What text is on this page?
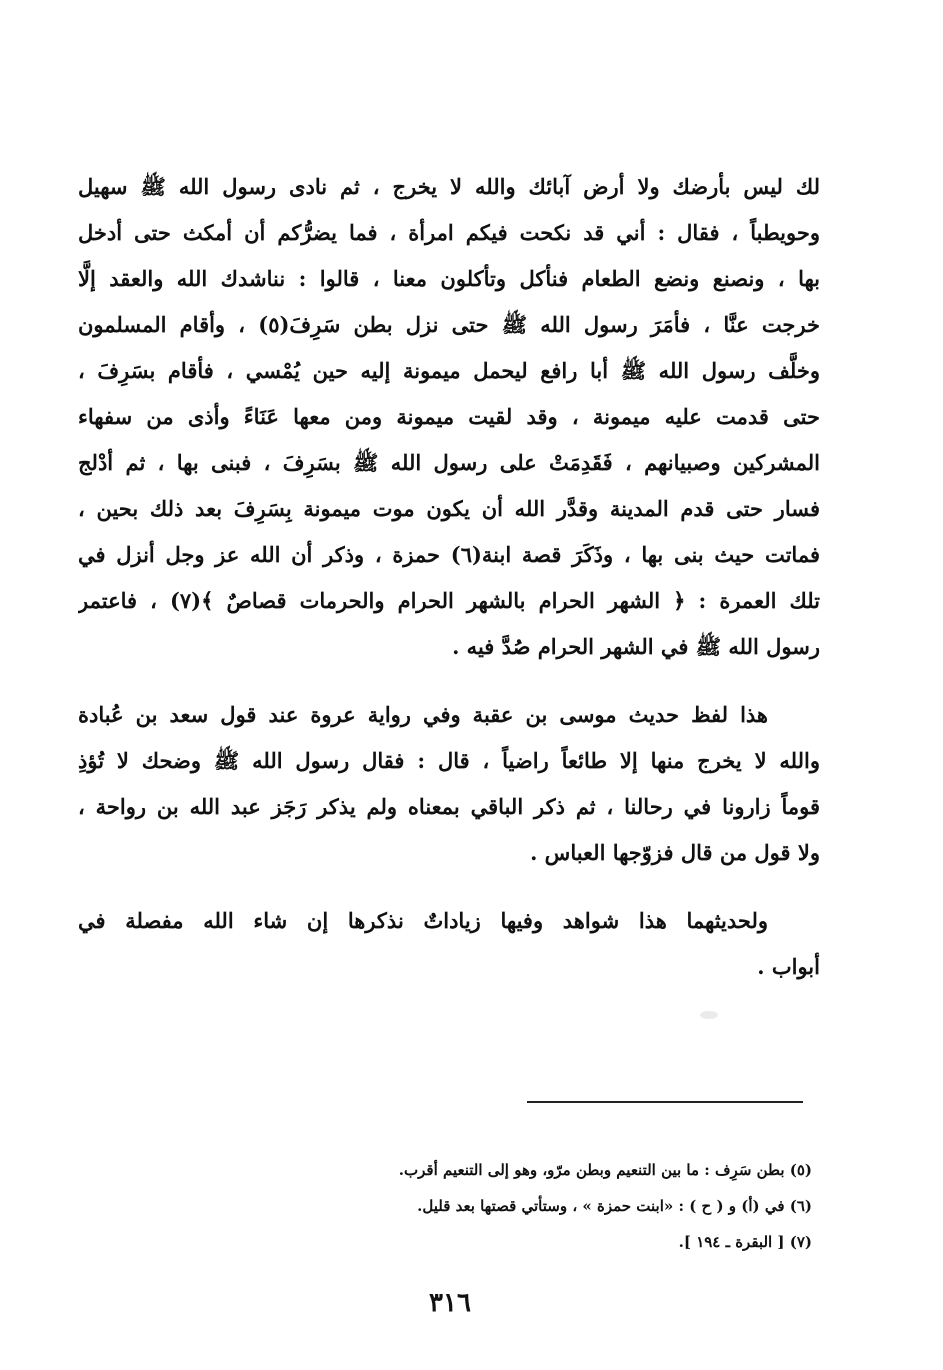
لك ليس بأرضك ولا أرض آبائك والله لا يخرج ، ثم نادى رسول الله ﷺ سهيل
وحويطباً ، فقال : أني قد نكحت فيكم امرأة ، فما يضرُّكم أن أمكث حتى أدخل
بها ، ونصنع ونضع الطعام فنأكل وتأكلون معنا ، قالوا : نناشدك الله والعقد إلَّا
خرجت عنَّا ، فأمَرَ رسول الله ﷺ حتى نزل بطن سَرِفَ(٥) ، وأقام المسلمون
وخلَّف رسول الله ﷺ أبا رافع ليحمل ميمونة إليه حين يُمْسي ، فأقام بسَرِفَ ،
حتى قدمت عليه ميمونة ، وقد لقيت ميمونة ومن معها عَنَاءً وأذى من سفهاء
المشركين وصبيانهم ، فَقَدِمَتْ على رسول الله ﷺ بسَرِفَ ، فبنى بها ، ثم أدْلج
فسار حتى قدم المدينة وقدَّر الله أن يكون موت ميمونة بِسَرِفَ بعد ذلك بحين ،
فماتت حيث بنى بها ، وذَكَرَ قصة ابنة(٦) حمزة ، وذكر أن الله عز وجل أنزل في
تلك العمرة : ﴿ الشهر الحرام بالشهر الحرام والحرمات قصاصٌ ﴾(٧) ، فاعتمر
رسول الله ﷺ في الشهر الحرام صُدَّ فيه .
هذا لفظ حديث موسى بن عقبة وفي رواية عروة عند قول سعد بن عُبادة
والله لا يخرج منها إلا طائعاً راضياً ، قال : فقال رسول الله ﷺ وضحك لا تُؤذِ
قوماً زارونا في رحالنا ، ثم ذكر الباقي بمعناه ولم يذكر رَجَز عبد الله بن رواحة ،
ولا قول من قال فزوّجها العباس .
ولحديثهما هذا شواهد وفيها زياداتٌ نذكرها إن شاء الله مفصلة في
أبواب .
(٥) بطن سَرِف : ما بين التنعيم وبطن مرّو، وهو إلى التنعيم أقرب.
(٦) في (أ) و ( ح ) : «ابنت حمزة » ، وستأتي قصتها بعد قليل.
(٧) [ البقرة ـ ١٩٤ ].
٣١٦
